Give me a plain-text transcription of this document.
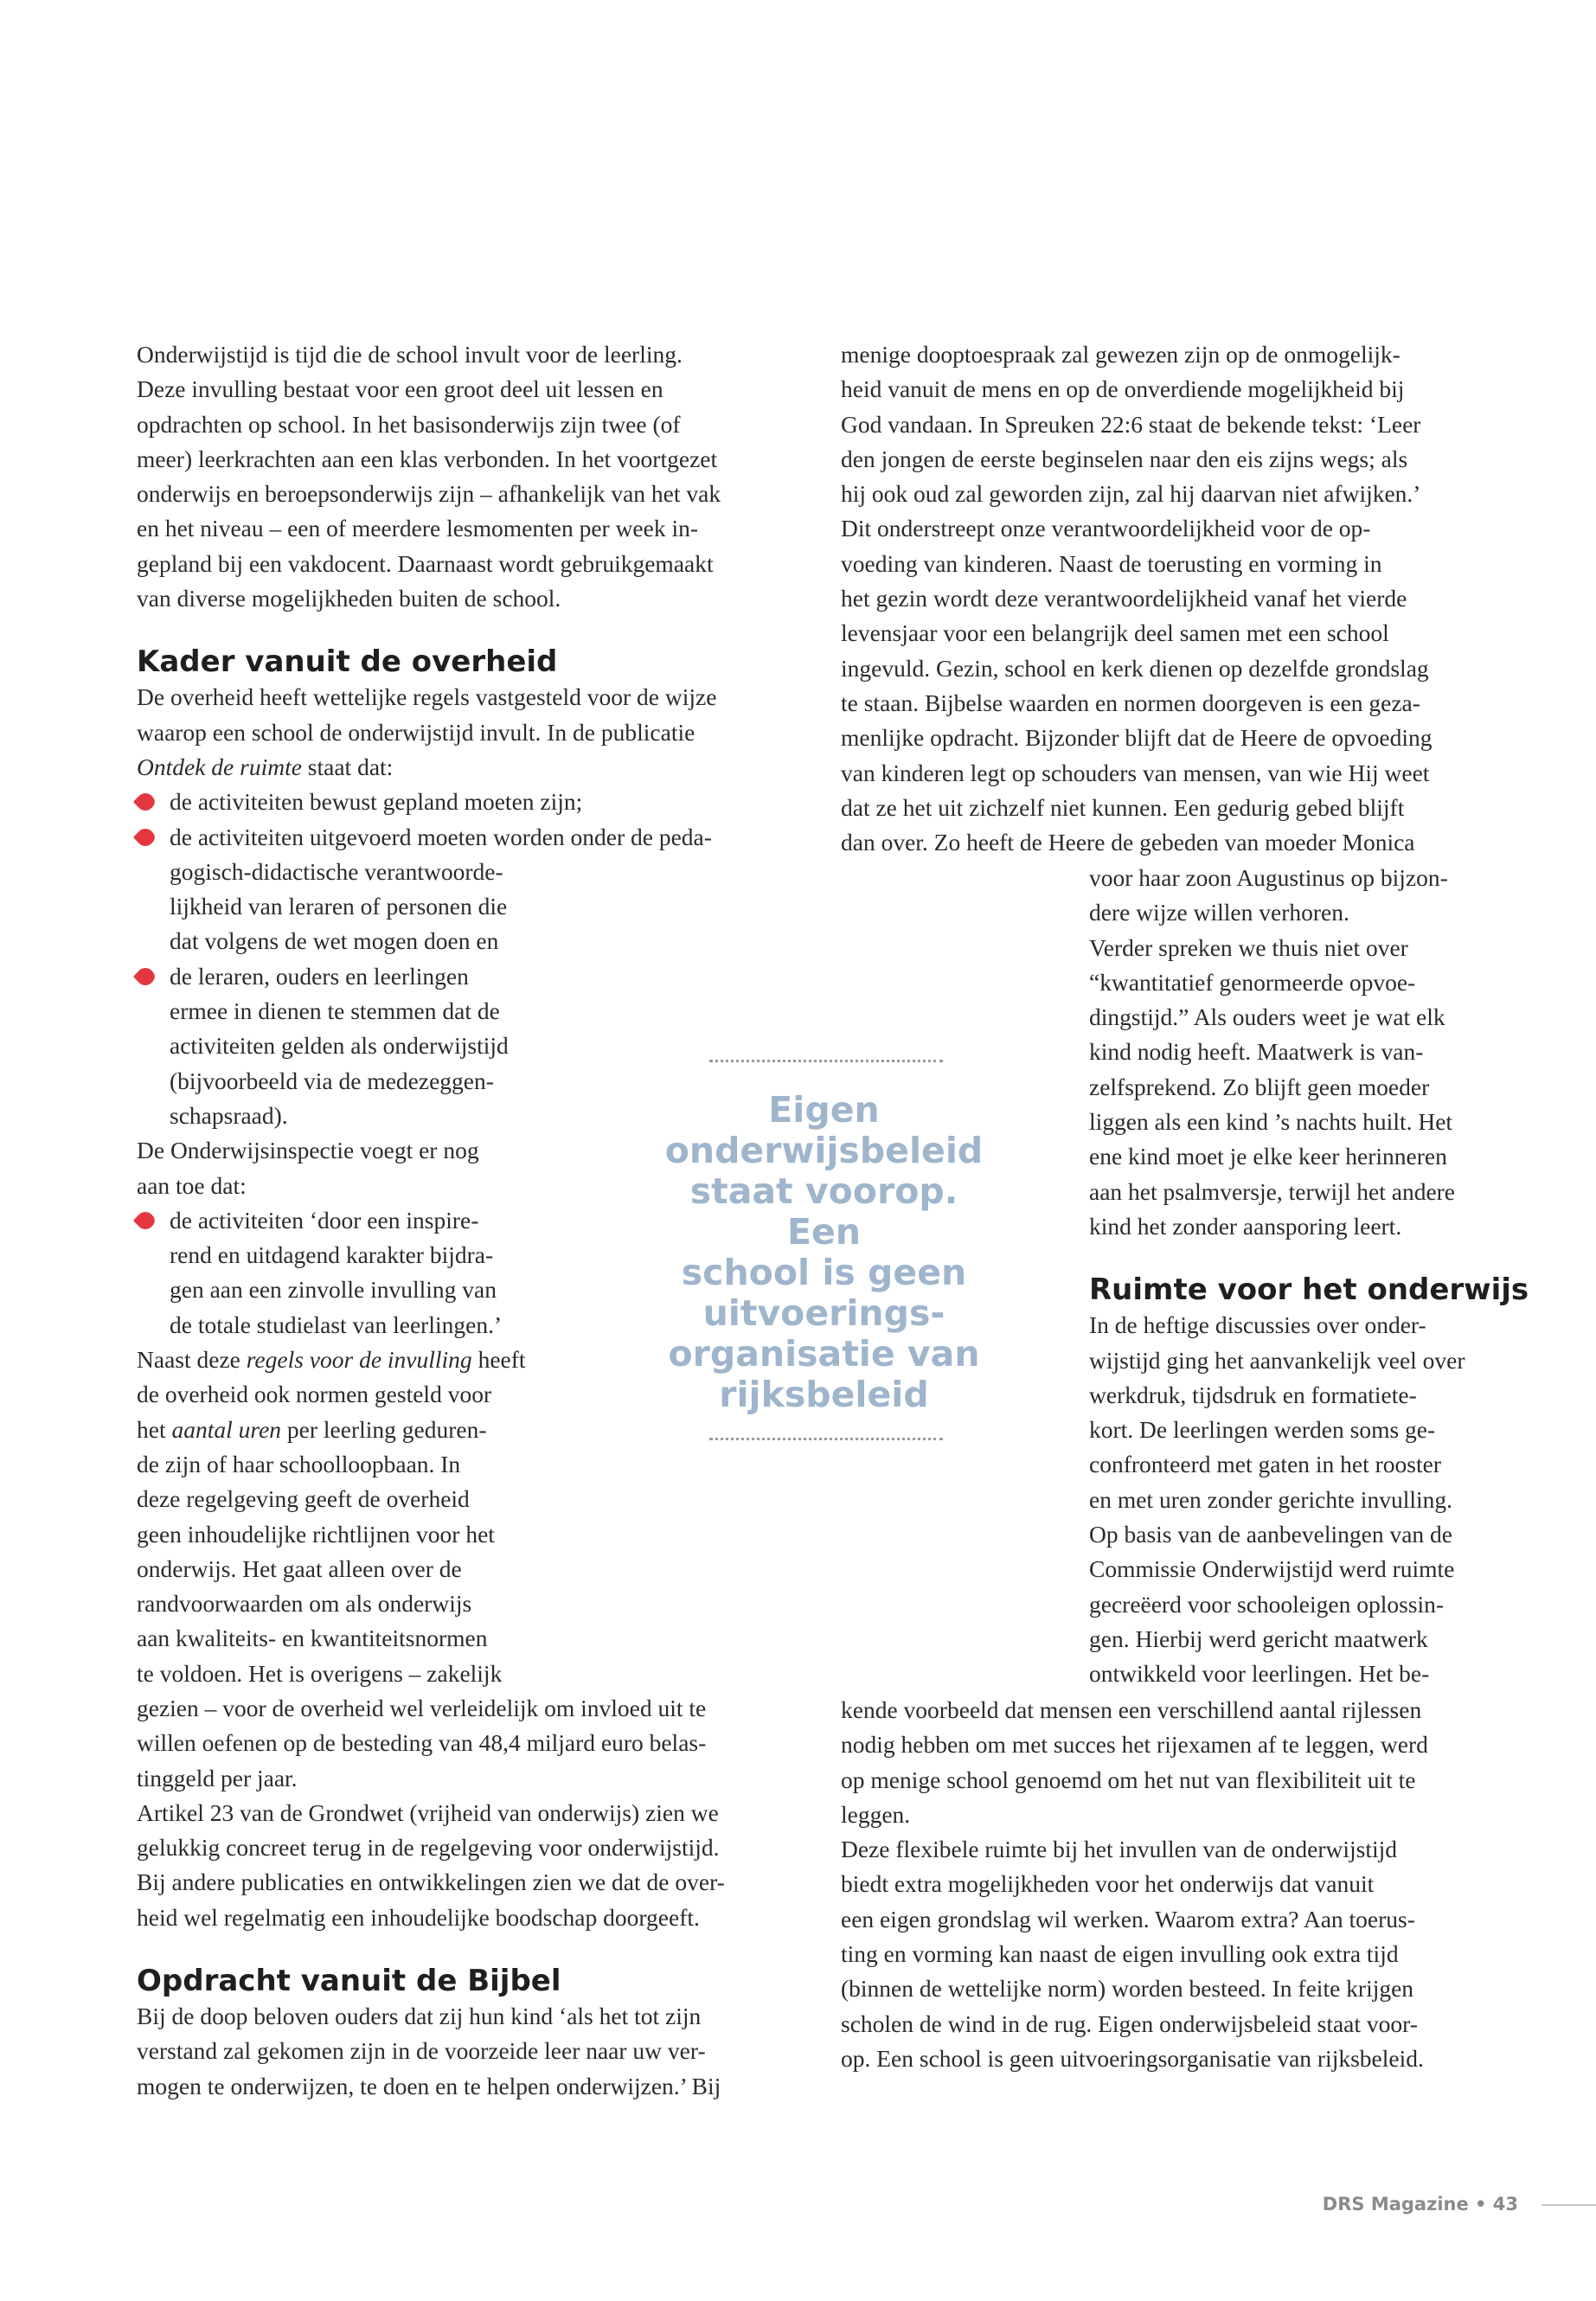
Onderwijstijd is tijd die de school invult voor de leerling.

Deze invulling bestaat voor een groot deel uit lessen en

opdrachten op school. In het basisonderwijs zijn twee (of

meer) leerkrachten aan een klas verbonden. In het voortgezet

onderwijs en beroepsonderwijs zijn – afhankelijk van het vak

en het niveau – een of meerdere lesmomenten per week in-

gepland bij een vakdocent. Daarnaast wordt gebruikgemaakt

van diverse mogelijkheden buiten de school.

Kader vanuit de overheid

De overheid heeft wettelijke regels vastgesteld voor de wijze

waarop een school de onderwijstijd invult. In de publicatie

Ontdek de ruimte staat dat:

de activiteiten bewust gepland moeten zijn;

de activiteiten uitgevoerd moeten worden onder de peda-

gogisch-didactische verantwoorde-

lijkheid van leraren of personen die

dat volgens de wet mogen doen en

de leraren, ouders en leerlingen

ermee in dienen te stemmen dat de

activiteiten gelden als onderwijstijd

(bijvoorbeeld via de medezeggen-

schapsraad).

De Onderwijsinspectie voegt er nog

aan toe dat:

de activiteiten ‘door een inspire-

rend en uitdagend karakter bijdra-

gen aan een zinvolle invulling van

de totale studielast van leerlingen.’

Naast deze regels voor de invulling heeft

de overheid ook normen gesteld voor

het aantal uren per leerling geduren-

de zijn of haar schoolloopbaan. In

deze regelgeving geeft de overheid

geen inhoudelijke richtlijnen voor het

onderwijs. Het gaat alleen over de

randvoorwaarden om als onderwijs

aan kwaliteits- en kwantiteitsnormen

te voldoen. Het is overigens – zakelijk

gezien – voor de overheid wel verleidelijk om invloed uit te

willen oefenen op de besteding van 48,4 miljard euro belas-

tinggeld per jaar.

Artikel 23 van de Grondwet (vrijheid van onderwijs) zien we

gelukkig concreet terug in de regelgeving voor onderwijstijd.

Bij andere publicaties en ontwikkelingen zien we dat de over-

heid wel regelmatig een inhoudelijke boodschap doorgeeft.

Opdracht vanuit de Bijbel

Bij de doop beloven ouders dat zij hun kind ‘als het tot zijn

verstand zal gekomen zijn in de voorzeide leer naar uw ver-

mogen te onderwijzen, te doen en te helpen onderwijzen.’ Bij

menige dooptoespraak zal gewezen zijn op de onmogelijk-

heid vanuit de mens en op de onverdiende mogelijkheid bij

God vandaan. In Spreuken 22:6 staat de bekende tekst: ‘Leer

den jongen de eerste beginselen naar den eis zijns wegs; als

hij ook oud zal geworden zijn, zal hij daarvan niet afwijken.’

Dit onderstreept onze verantwoordelijkheid voor de op-

voeding van kinderen. Naast de toerusting en vorming in

het gezin wordt deze verantwoordelijkheid vanaf het vierde

levensjaar voor een belangrijk deel samen met een school

ingevuld. Gezin, school en kerk dienen op dezelfde grondslag

te staan. Bijbelse waarden en normen doorgeven is een geza-

menlijke opdracht. Bijzonder blijft dat de Heere de opvoeding

van kinderen legt op schouders van mensen, van wie Hij weet

dat ze het uit zichzelf niet kunnen. Een gedurig gebed blijft

dan over. Zo heeft de Heere de gebeden van moeder Monica

voor haar zoon Augustinus op bijzon-

dere wijze willen verhoren.

Verder spreken we thuis niet over

“kwantitatief genormeerde opvoe-

dingstijd.” Als ouders weet je wat elk

kind nodig heeft. Maatwerk is van-

zelfsprekend. Zo blijft geen moeder

liggen als een kind ’s nachts huilt. Het

ene kind moet je elke keer herinneren

aan het psalmversje, terwijl het andere

kind het zonder aansporing leert.

Ruimte voor het onderwijs

In de heftige discussies over onder-

wijstijd ging het aanvankelijk veel over

werkdruk, tijdsdruk en formatiete-

kort. De leerlingen werden soms ge-

confronteerd met gaten in het rooster

en met uren zonder gerichte invulling.

Op basis van de aanbevelingen van de

Commissie Onderwijstijd werd ruimte

gecreëerd voor schooleigen oplossin-

gen. Hierbij werd gericht maatwerk

ontwikkeld voor leerlingen. Het be-

kende voorbeeld dat mensen een verschillend aantal rijlessen

nodig hebben om met succes het rijexamen af te leggen, werd

op menige school genoemd om het nut van flexibiliteit uit te

leggen.

Deze flexibele ruimte bij het invullen van de onderwijstijd

biedt extra mogelijkheden voor het onderwijs dat vanuit

een eigen grondslag wil werken. Waarom extra? Aan toerus-

ting en vorming kan naast de eigen invulling ook extra tijd

(binnen de wettelijke norm) worden besteed. In feite krijgen

scholen de wind in de rug. Eigen onderwijsbeleid staat voor-

op. Een school is geen uitvoeringsorganisatie van rijksbeleid.

Eigen
onderwijsbeleid
staat voorop. Een
school is geen
uitvoerings-
organisatie van
rijksbeleid
DRS Magazine • 43
